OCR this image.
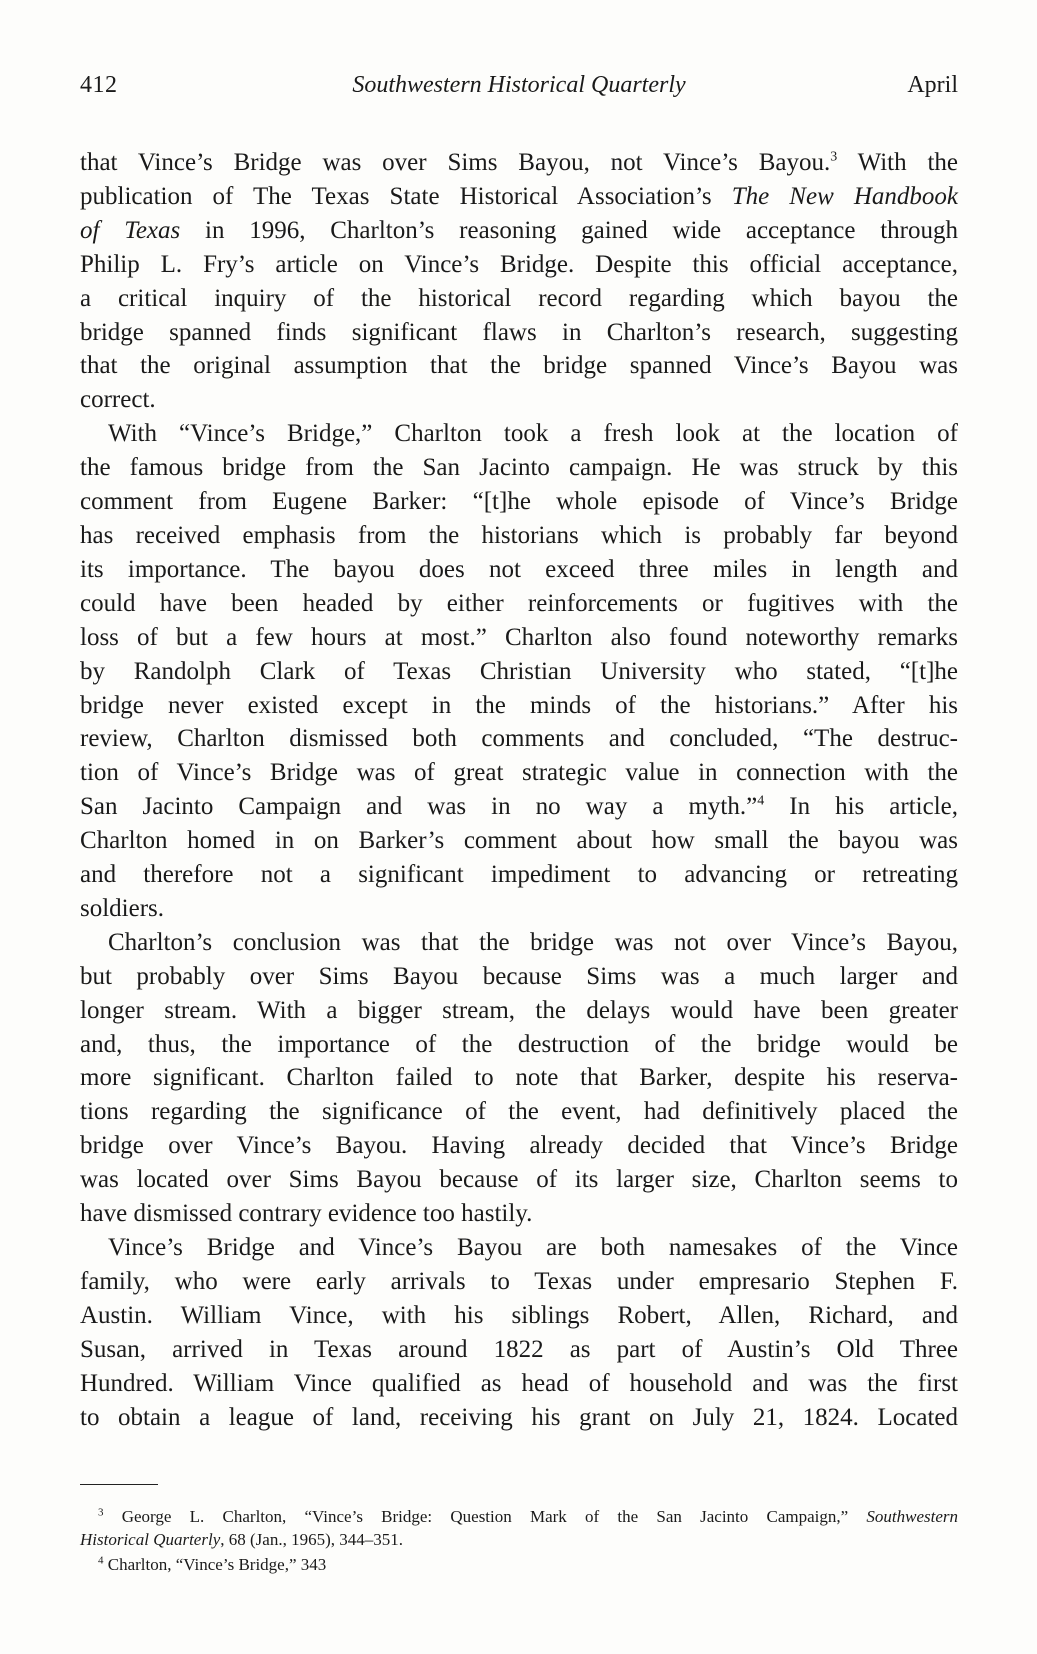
412	Southwestern Historical Quarterly	April

that Vince’s Bridge was over Sims Bayou, not Vince’s Bayou.$^3$ With the
publication of The Texas State Historical Association’s The New Handbook
of Texas in 1996, Charlton’s reasoning gained wide acceptance through
Philip L. Fry’s article on Vince’s Bridge. Despite this official acceptance,
a critical inquiry of the historical record regarding which bayou the
bridge spanned finds significant flaws in Charlton’s research, suggesting
that the original assumption that the bridge spanned Vince’s Bayou was
correct.

With “Vince’s Bridge,” Charlton took a fresh look at the location of
the famous bridge from the San Jacinto campaign. He was struck by this
comment from Eugene Barker: “[t]he whole episode of Vince’s Bridge
has received emphasis from the historians which is probably far beyond
its importance. The bayou does not exceed three miles in length and
could have been headed by either reinforcements or fugitives with the
loss of but a few hours at most.” Charlton also found noteworthy remarks
by Randolph Clark of Texas Christian University who stated, “[t]he
bridge never existed except in the minds of the historians.” After his
review, Charlton dismissed both comments and concluded, “The destruc-
tion of Vince’s Bridge was of great strategic value in connection with the
San Jacinto Campaign and was in no way a myth.”$^4$ In his article,
Charlton homed in on Barker’s comment about how small the bayou was
and therefore not a significant impediment to advancing or retreating
soldiers.

Charlton’s conclusion was that the bridge was not over Vince’s Bayou,
but probably over Sims Bayou because Sims was a much larger and
longer stream. With a bigger stream, the delays would have been greater
and, thus, the importance of the destruction of the bridge would be
more significant. Charlton failed to note that Barker, despite his reserva-
tions regarding the significance of the event, had definitively placed the
bridge over Vince’s Bayou. Having already decided that Vince’s Bridge
was located over Sims Bayou because of its larger size, Charlton seems to
have dismissed contrary evidence too hastily.

Vince’s Bridge and Vince’s Bayou are both namesakes of the Vince
family, who were early arrivals to Texas under empresario Stephen F.
Austin. William Vince, with his siblings Robert, Allen, Richard, and
Susan, arrived in Texas around 1822 as part of Austin’s Old Three
Hundred. William Vince qualified as head of household and was the first
to obtain a league of land, receiving his grant on July 21, 1824. Located

$^3$ George L. Charlton, “Vince’s Bridge: Question Mark of the San Jacinto Campaign,” Southwestern
Historical Quarterly, 68 (Jan., 1965), 344–351.

$^4$ Charlton, “Vince’s Bridge,” 343
